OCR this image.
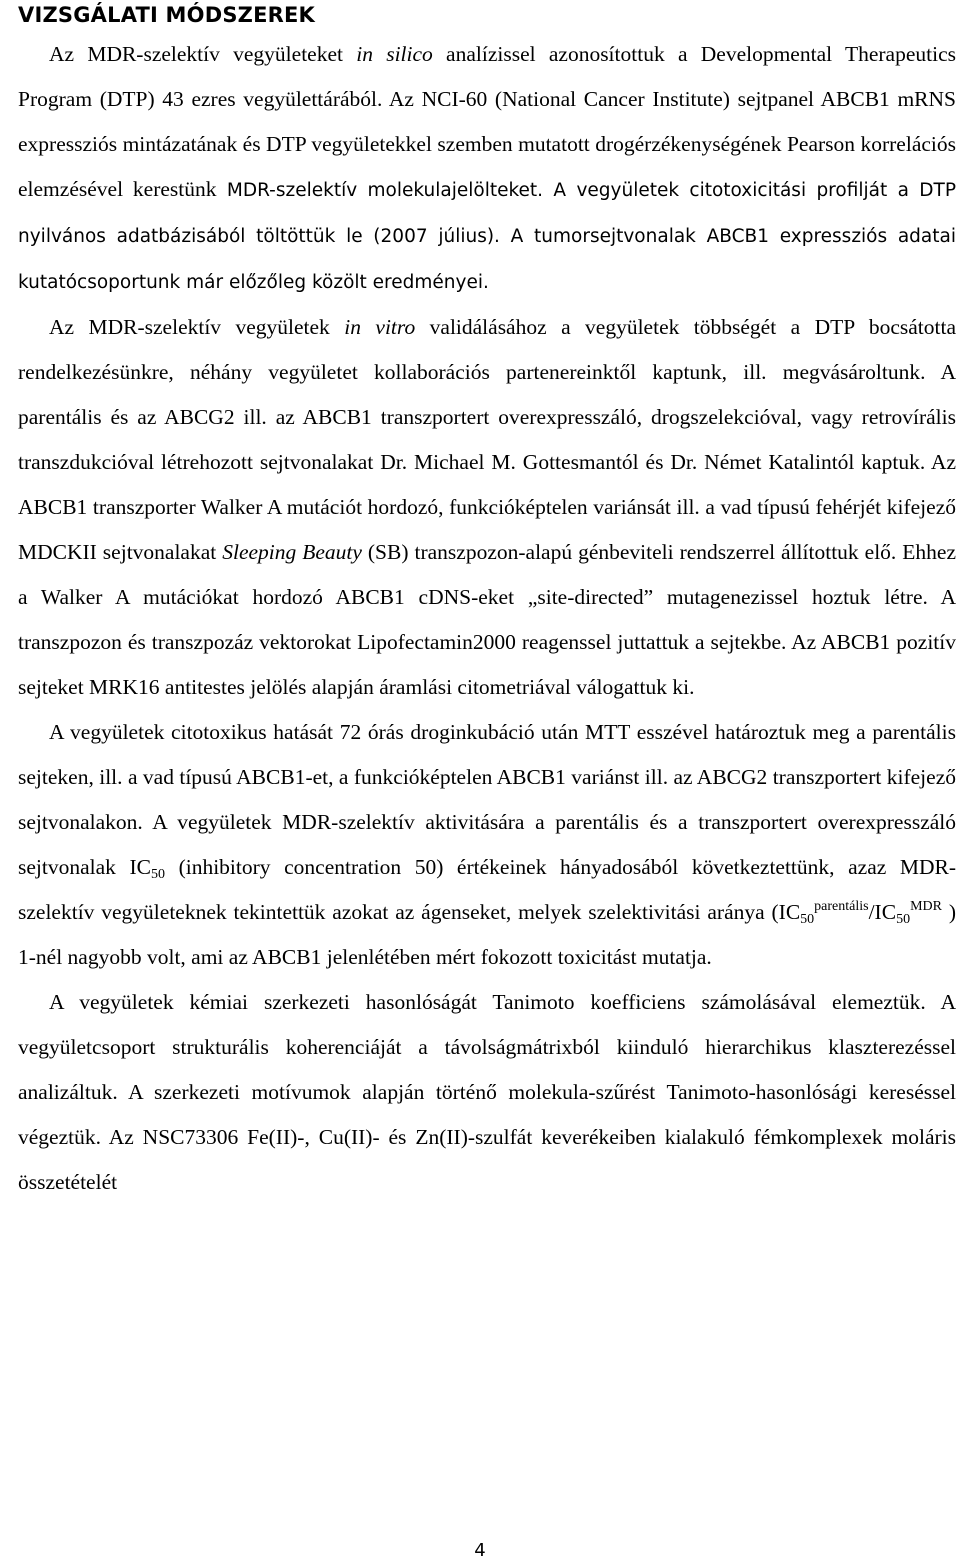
VIZSGÁLATI MÓDSZEREK

Az MDR-szelektív vegyületeket in silico analízissel azonosítottuk a Developmental Therapeutics Program (DTP) 43 ezres vegyülettárából. Az NCI-60 (National Cancer Institute) sejtpanel ABCB1 mRNS expressziós mintázatának és DTP vegyületekkel szemben mutatott drogérzékenységének Pearson korrelációs elemzésével kerestünk MDR-szelektív molekulajelölteket. A vegyületek citotoxicitási profilját a DTP nyilvános adatbázisából töltöttük le (2007 július). A tumorsejtvonalak ABCB1 expressziós adatai kutatócsoportunk már előzőleg közölt eredményei.

Az MDR-szelektív vegyületek in vitro validálásához a vegyületek többségét a DTP bocsátotta rendelkezésünkre, néhány vegyületet kollaborációs partenereinktől kaptunk, ill. megvásároltunk. A parentális és az ABCG2 ill. az ABCB1 transzportert overexpresszáló, drogszelekcióval, vagy retrovírális transzdukcióval létrehozott sejtvonalakat Dr. Michael M. Gottesmantól és Dr. Német Katalintól kaptuk. Az ABCB1 transzporter Walker A mutációt hordozó, funkcióképtelen variánsát ill. a vad típusú fehérjét kifejező MDCKII sejtvonalakat Sleeping Beauty (SB) transzpozon-alapú génbeviteli rendszerrel állítottuk elő. Ehhez a Walker A mutációkat hordozó ABCB1 cDNS-eket „site-directed” mutagenezissel hoztuk létre. A transzpozon és transzpozáz vektorokat Lipofectamin2000 reagenssel juttattuk a sejtekbe. Az ABCB1 pozitív sejteket MRK16 antitestes jelölés alapján áramlási citometriával válogattuk ki.

A vegyületek citotoxikus hatását 72 órás droginkubáció után MTT esszével határoztuk meg a parentális sejteken, ill. a vad típusú ABCB1-et, a funkcióképtelen ABCB1 variánst ill. az ABCG2 transzportert kifejező sejtvonalakon. A vegyületek MDR-szelektív aktivitására a parentális és a transzportert overexpresszáló sejtvonalak $IC_{50}$ (inhibitory concentration 50) értékeinek hányadosából következtettünk, azaz MDR-szelektív vegyületeknek tekintettük azokat az ágenseket, melyek szelektivitási aránya ($IC_{50}^{parentális}/IC_{50}^{MDR}$ ) 1-nél nagyobb volt, ami az ABCB1 jelenlétében mért fokozott toxicitást mutatja.

A vegyületek kémiai szerkezeti hasonlóságát Tanimoto koefficiens számolásával elemeztük. A vegyületcsoport strukturális koherenciáját a távolságmátrixból kiinduló hierarchikus klaszterezéssel analizáltuk. A szerkezeti motívumok alapján történő molekula-szűrést Tanimoto-hasonlósági kereséssel végeztük. Az NSC73306 Fe(II)-, Cu(II)- és Zn(II)-szulfát keverékeiben kialakuló fémkomplexek moláris összetételét

4
